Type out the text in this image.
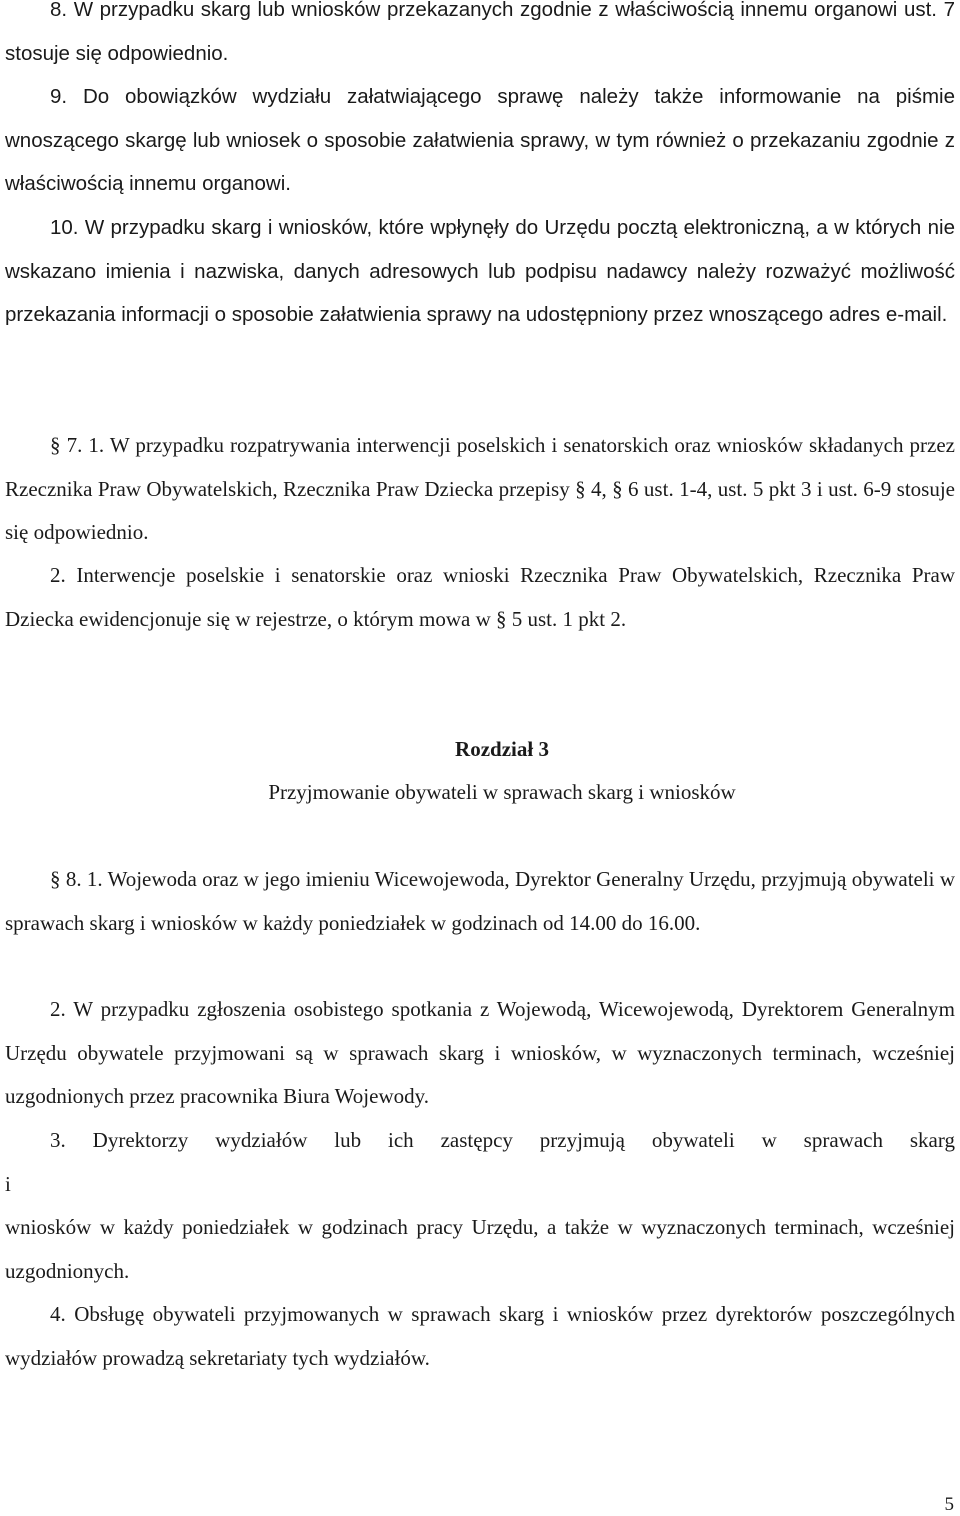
8. W przypadku skarg lub wniosków przekazanych zgodnie z właściwością innemu organowi ust. 7 stosuje się odpowiednio.

9. Do obowiązków wydziału załatwiającego sprawę należy także informowanie na piśmie wnoszącego skargę lub wniosek o sposobie załatwienia sprawy, w tym również o przekazaniu zgodnie z właściwością innemu organowi.

10. W przypadku skarg i wniosków, które wpłynęły do Urzędu pocztą elektroniczną, a w których nie wskazano imienia i nazwiska, danych adresowych lub podpisu nadawcy należy rozważyć możliwość przekazania informacji o sposobie załatwienia sprawy na udostępniony przez wnoszącego adres e-mail.

§ 7. 1. W przypadku rozpatrywania interwencji poselskich i senatorskich oraz wniosków składanych przez Rzecznika Praw Obywatelskich, Rzecznika Praw Dziecka przepisy § 4, § 6 ust. 1-4, ust. 5 pkt 3 i ust. 6-9 stosuje się odpowiednio.

2. Interwencje poselskie i senatorskie oraz wnioski Rzecznika Praw Obywatelskich, Rzecznika Praw Dziecka ewidencjonuje się w rejestrze, o którym mowa w § 5 ust. 1 pkt 2.

Rozdział 3

Przyjmowanie obywateli w sprawach skarg i wniosków

§ 8. 1. Wojewoda oraz w jego imieniu Wicewojewoda, Dyrektor Generalny Urzędu, przyjmują obywateli w sprawach skarg i wniosków w każdy poniedziałek w godzinach od 14.00 do 16.00.

2. W przypadku zgłoszenia osobistego spotkania z Wojewodą, Wicewojewodą, Dyrektorem Generalnym Urzędu obywatele przyjmowani są w sprawach skarg i wniosków, w wyznaczonych terminach, wcześniej uzgodnionych przez pracownika Biura Wojewody.

3. Dyrektorzy wydziałów lub ich zastępcy przyjmują obywateli w sprawach skarg

i

wniosków w każdy poniedziałek w godzinach pracy Urzędu, a także w wyznaczonych terminach, wcześniej uzgodnionych.

4. Obsługę obywateli przyjmowanych w sprawach skarg i wniosków przez dyrektorów poszczególnych wydziałów prowadzą sekretariaty tych wydziałów.

5
